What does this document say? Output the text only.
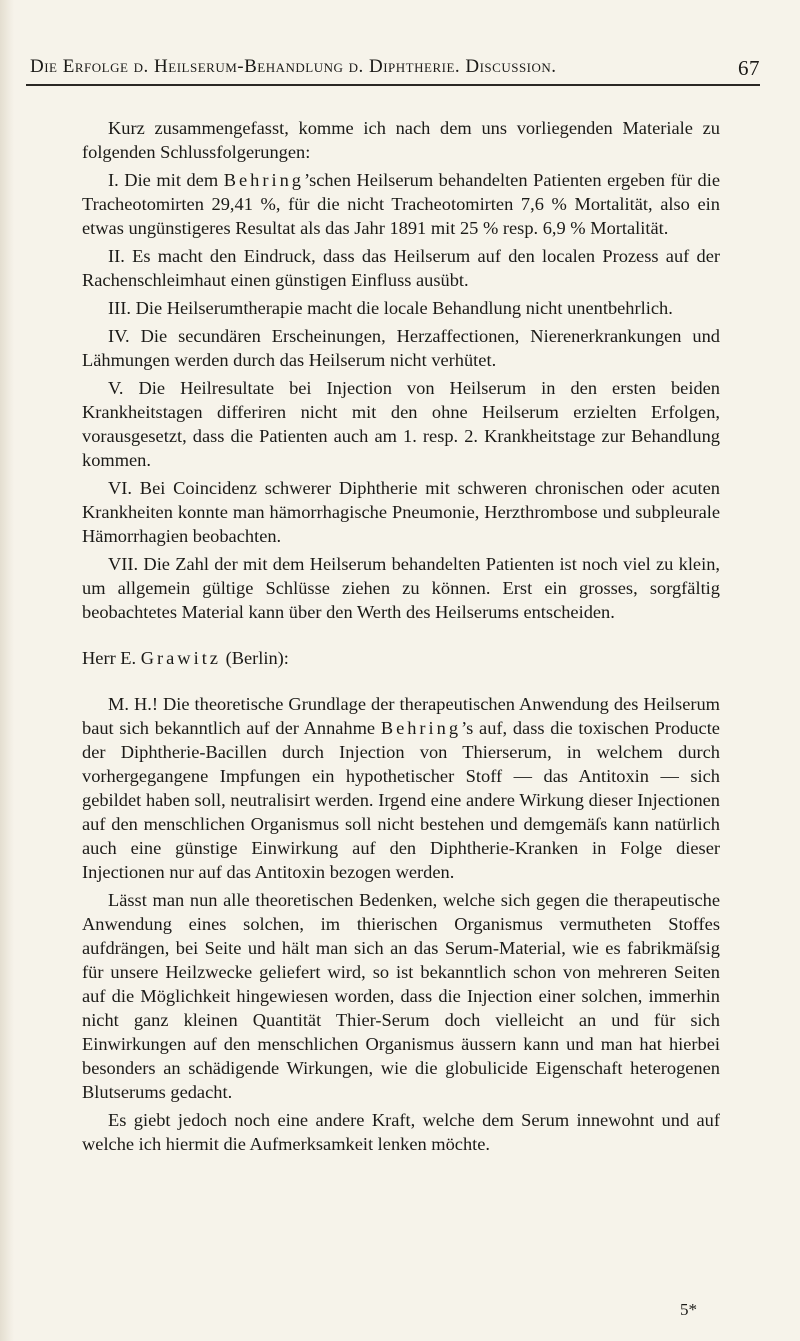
Die Erfolge d. Heilserum-Behandlung d. Diphtherie. Discussion.	67

Kurz zusammengefasst, komme ich nach dem uns vorliegenden Materiale zu folgenden Schlussfolgerungen:

I. Die mit dem Behring’schen Heilserum behandelten Patienten ergeben für die Tracheotomirten 29,41 %, für die nicht Tracheotomirten 7,6 % Mortalität, also ein etwas ungünstigeres Resultat als das Jahr 1891 mit 25 % resp. 6,9 % Mortalität.

II. Es macht den Eindruck, dass das Heilserum auf den localen Prozess auf der Rachenschleimhaut einen günstigen Einfluss ausübt.

III. Die Heilserumtherapie macht die locale Behandlung nicht unentbehrlich.

IV. Die secundären Erscheinungen, Herzaffectionen, Nierenerkrankungen und Lähmungen werden durch das Heilserum nicht verhütet.

V. Die Heilresultate bei Injection von Heilserum in den ersten beiden Krankheitstagen differiren nicht mit den ohne Heilserum erzielten Erfolgen, vorausgesetzt, dass die Patienten auch am 1. resp. 2. Krankheitstage zur Behandlung kommen.

VI. Bei Coincidenz schwerer Diphtherie mit schweren chronischen oder acuten Krankheiten konnte man hämorrhagische Pneumonie, Herzthrombose und subpleurale Hämorrhagien beobachten.

VII. Die Zahl der mit dem Heilserum behandelten Patienten ist noch viel zu klein, um allgemein gültige Schlüsse ziehen zu können. Erst ein grosses, sorgfältig beobachtetes Material kann über den Werth des Heilserums entscheiden.

Herr E. Grawitz (Berlin):

M. H.! Die theoretische Grundlage der therapeutischen Anwendung des Heilserum baut sich bekanntlich auf der Annahme Behring’s auf, dass die toxischen Producte der Diphtherie-Bacillen durch Injection von Thierserum, in welchem durch vorhergegangene Impfungen ein hypothetischer Stoff — das Antitoxin — sich gebildet haben soll, neutralisirt werden. Irgend eine andere Wirkung dieser Injectionen auf den menschlichen Organismus soll nicht bestehen und demgemäſs kann natürlich auch eine günstige Einwirkung auf den Diphtherie-Kranken in Folge dieser Injectionen nur auf das Antitoxin bezogen werden.

Lässt man nun alle theoretischen Bedenken, welche sich gegen die therapeutische Anwendung eines solchen, im thierischen Organismus vermutheten Stoffes aufdrängen, bei Seite und hält man sich an das Serum-Material, wie es fabrikmäſsig für unsere Heilzwecke geliefert wird, so ist bekanntlich schon von mehreren Seiten auf die Möglichkeit hingewiesen worden, dass die Injection einer solchen, immerhin nicht ganz kleinen Quantität Thier-Serum doch vielleicht an und für sich Einwirkungen auf den menschlichen Organismus äussern kann und man hat hierbei besonders an schädigende Wirkungen, wie die globulicide Eigenschaft heterogenen Blutserums gedacht.

Es giebt jedoch noch eine andere Kraft, welche dem Serum innewohnt und auf welche ich hiermit die Aufmerksamkeit lenken möchte.

5*
